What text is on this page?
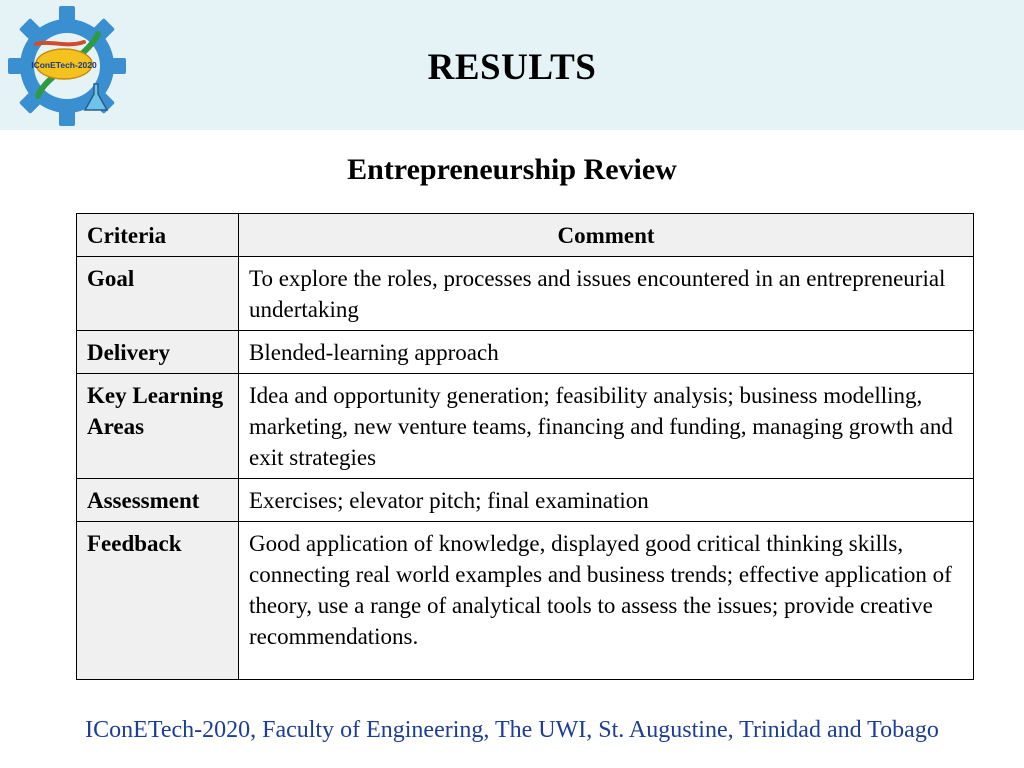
IConETech-2020	RESULTS
Entrepreneurship Review
Criteria	Comment
Goal	To explore the roles, processes and issues encountered in an entrepreneurial undertaking
Delivery	Blended-learning approach
Key Learning Areas	Idea and opportunity generation; feasibility analysis; business modelling, marketing, new venture teams, financing and funding, managing growth and exit strategies
Assessment	Exercises; elevator pitch; final examination
Feedback	Good application of knowledge, displayed good critical thinking skills, connecting real world examples and business trends; effective application of theory, use a range of analytical tools to assess the issues; provide creative recommendations.
IConETech-2020, Faculty of Engineering, The UWI, St. Augustine, Trinidad and Tobago
